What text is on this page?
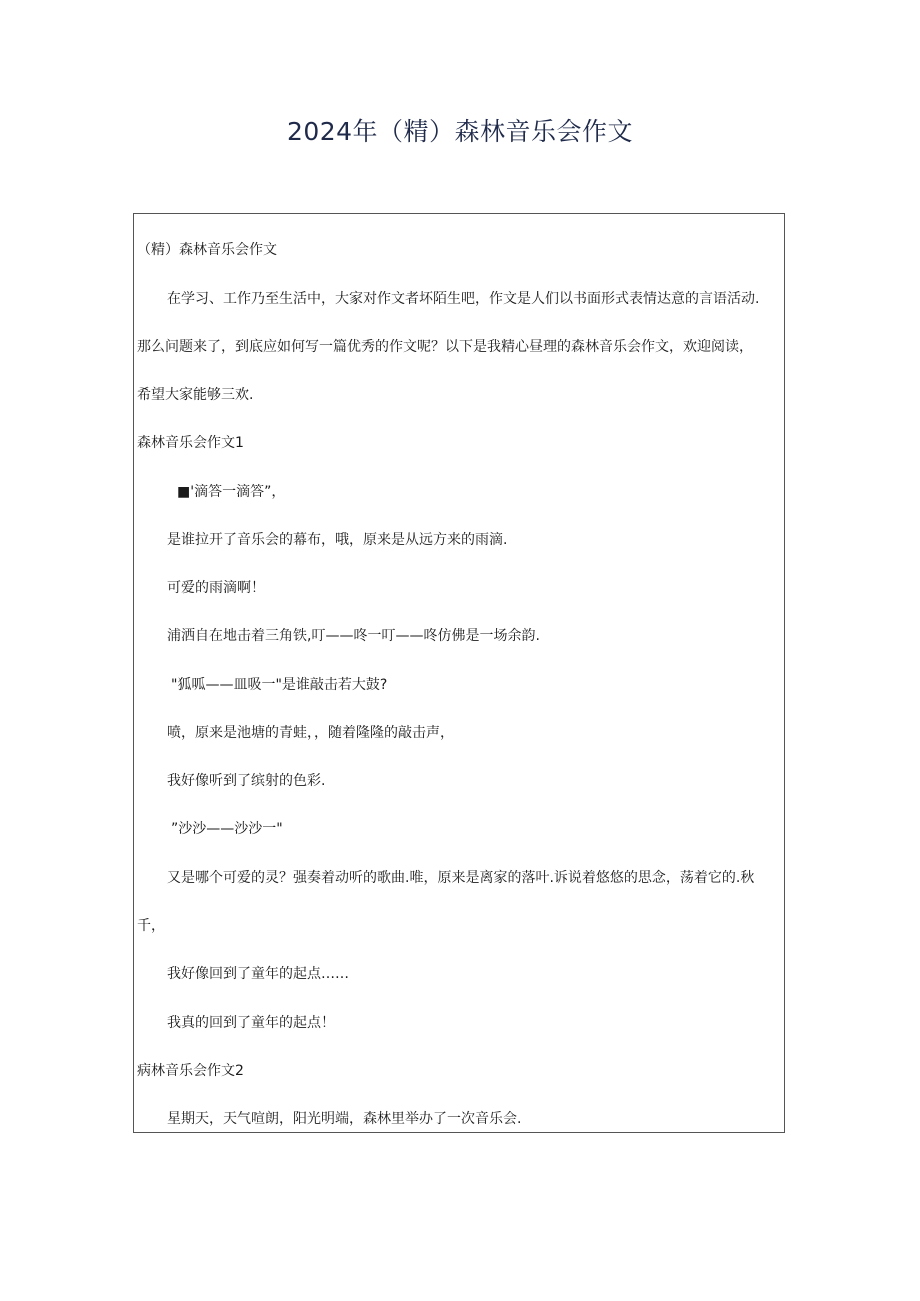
2024年（精）森林音乐会作文
（精）森林音乐会作文
在学习、工作乃至生活中，大家对作文者坏陌生吧，作文是人们以书面形式表情达意的言语活动.
那么问题来了，到底应如何写一篇优秀的作文呢？以下是我精心昼理的森林音乐会作文，欢迎阅读，
希望大家能够三欢.
森林音乐会作文1
■'滴答一滴答”，
是谁拉开了音乐会的幕布，哦，原来是从远方来的雨滴.
可爱的雨滴啊！
浦洒自在地击着三角铁,叮——咚一叮——咚仿佛是一场余韵.
"狐呱——皿吸一"是谁敲击若大鼓?
喷，原来是池塘的青蛙，，随着隆隆的敲击声，
我好像听到了缤射的色彩.
”沙沙——沙沙一"
又是哪个可爱的灵？强奏着动听的歌曲.唯，原来是离家的落叶.诉说着悠悠的思念，荡着它的.秋
千，
我好像回到了童年的起点……
我真的回到了童年的起点！
病林音乐会作文2
星期天，天气喧朗，阳光明端，森林里举办了一次音乐会.
